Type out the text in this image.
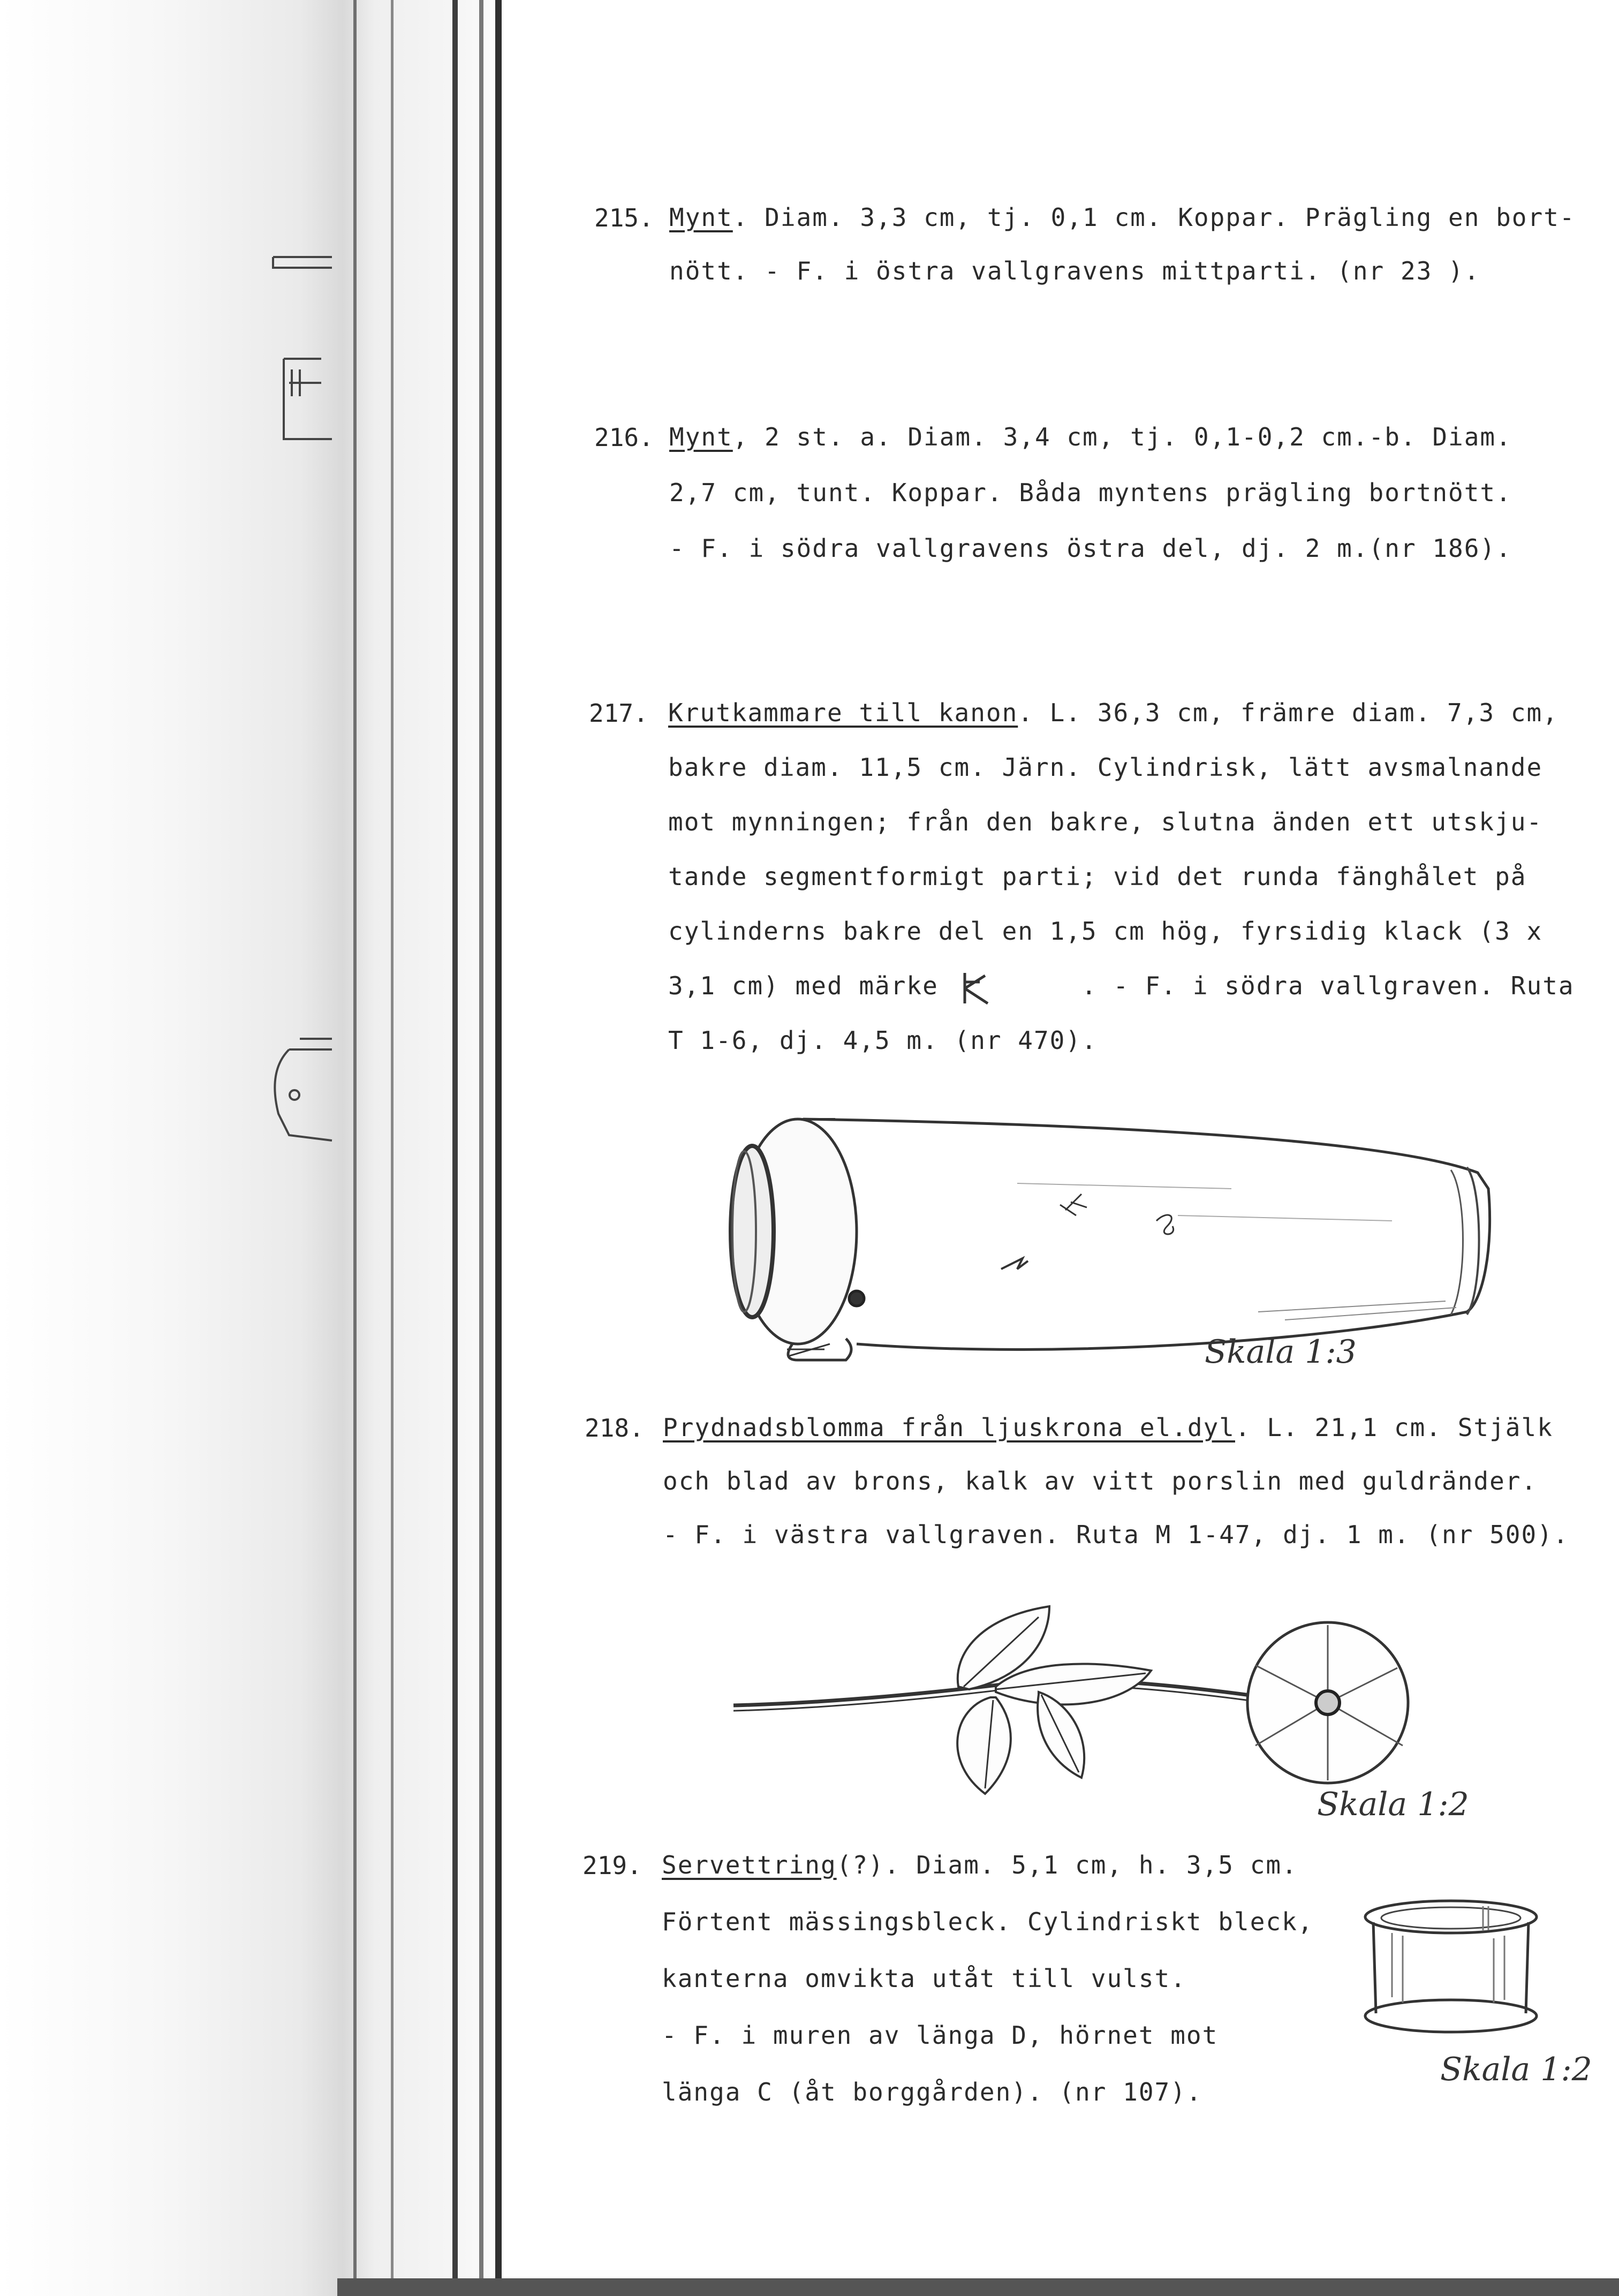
215. Mynt. Diam. 3,3 cm, tj. 0,1 cm. Koppar. Prägling en bort-
nött. - F. i östra vallgravens mittparti. (nr 23 ).
216. Mynt, 2 st. a. Diam. 3,4 cm, tj. 0,1-0,2 cm.-b. Diam.
2,7 cm, tunt. Koppar. Båda myntens prägling bortnött.
- F. i södra vallgravens östra del, dj. 2 m.(nr 186).
217. Krutkammare till kanon. L. 36,3 cm, främre diam. 7,3 cm,
bakre diam. 11,5 cm. Järn. Cylindrisk, lätt avsmalnande
mot mynningen; från den bakre, slutna änden ett utskju-
tande segmentformigt parti; vid det runda fänghålet på
cylinderns bakre del en 1,5 cm hög, fyrsidig klack (3 x
3,1 cm) med märke         . - F. i södra vallgraven. Ruta
T 1-6, dj. 4,5 m. (nr 470).
Skala 1:3
218. Prydnadsblomma från ljuskrona el.dyl. L. 21,1 cm. Stjälk
och blad av brons, kalk av vitt porslin med guldränder.
- F. i västra vallgraven. Ruta M 1-47, dj. 1 m. (nr 500).
Skala 1:2
219. Servettring(?). Diam. 5,1 cm, h. 3,5 cm.
Förtent mässingsbleck. Cylindriskt bleck,
kanterna omvikta utåt till vulst.
- F. i muren av länga D, hörnet mot
länga C (åt borggården). (nr 107).
Skala 1:2
